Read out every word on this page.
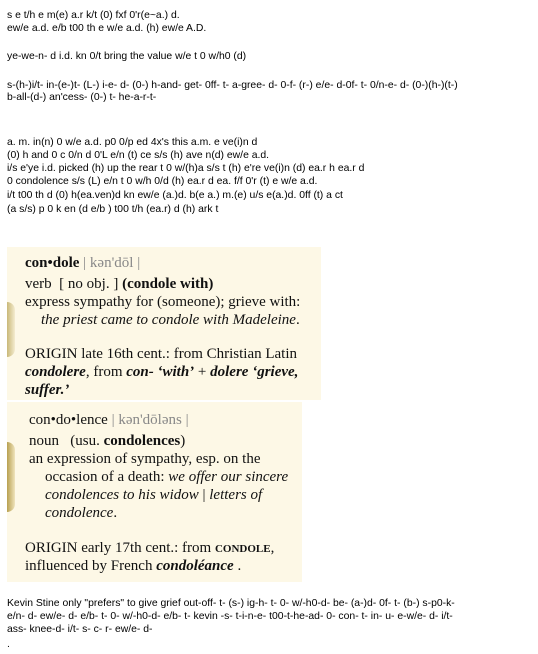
s e t/h e m(e) a.r k/t (0) fxf 0'r(e~a.) d.
ew/e a.d. e/b t00 th e w/e a.d. (h) ew/e A.D.
ye-we-n- d i.d. kn 0/t bring the value w/e t 0 w/h0 (d)
s-(h-)i/t- in-(e-)t- (L-) i-e- d- (0-) h-and- get- 0ff- t- a-gree- d- 0-f- (r-) e/e- d-0f- t- 0/n-e- d- (0-)(h-)(t-)
b-all-(d-) an'cess- (0-) t- he-a-r-t-
a. m. in(n) 0 w/e a.d. p0 0/p ed 4x's this a.m. e ve(i)n d
(0) h and 0 c 0/n d 0'L e/n (t) ce s/s (h) ave n(d) ew/e a.d.
i/s e'ye i.d. picked (h) up the rear t 0 w/(h)a s/s t (h) e're ve(i)n (d) ea.r h ea.r d
0 condolence s/s (L) e/n t 0 w/h 0/d (h) ea.r d ea. f/f 0'r (t) e w/e a.d.
i/t t00 th d (0) h(ea.ven)d kn ew/e (a.)d. b(e a.) m.(e) u/s e(a.)d. 0ff (t) a ct
(a s/s) p 0 k en (d e/b ) t00 t/h (ea.r) d (h) ark t
con•dole | kən'dōl |
verb [ no obj. ] (condole with)
express sympathy for (someone); grieve with:
the priest came to condole with Madeleine.
ORIGIN late 16th cent.: from Christian Latin
condolere, from con- ‘with’ + dolere ‘grieve,
suffer.’
con•do•lence | kən'dōləns |
noun (usu. condolences)
an expression of sympathy, esp. on the
occasion of a death: we offer our sincere
condolences to his widow | letters of
condolence.
ORIGIN early 17th cent.: from condole,
influenced by French condoléance .
Kevin Stine only "prefers" to give grief out-off- t- (s-) ig-h- t- 0- w/-h0-d- be- (a-)d- 0f- t- (b-) s-p0-k-
e/n- d- ew/e- d- e/b- t- 0- w/-h0-d- e/b- t- kevin -s- t-i-n-e- t00-t-he-ad- 0- con- t- in- u- e-w/e- d- i/t-
ass- knee-d- i/t- s- c- r- ew/e- d-
.
